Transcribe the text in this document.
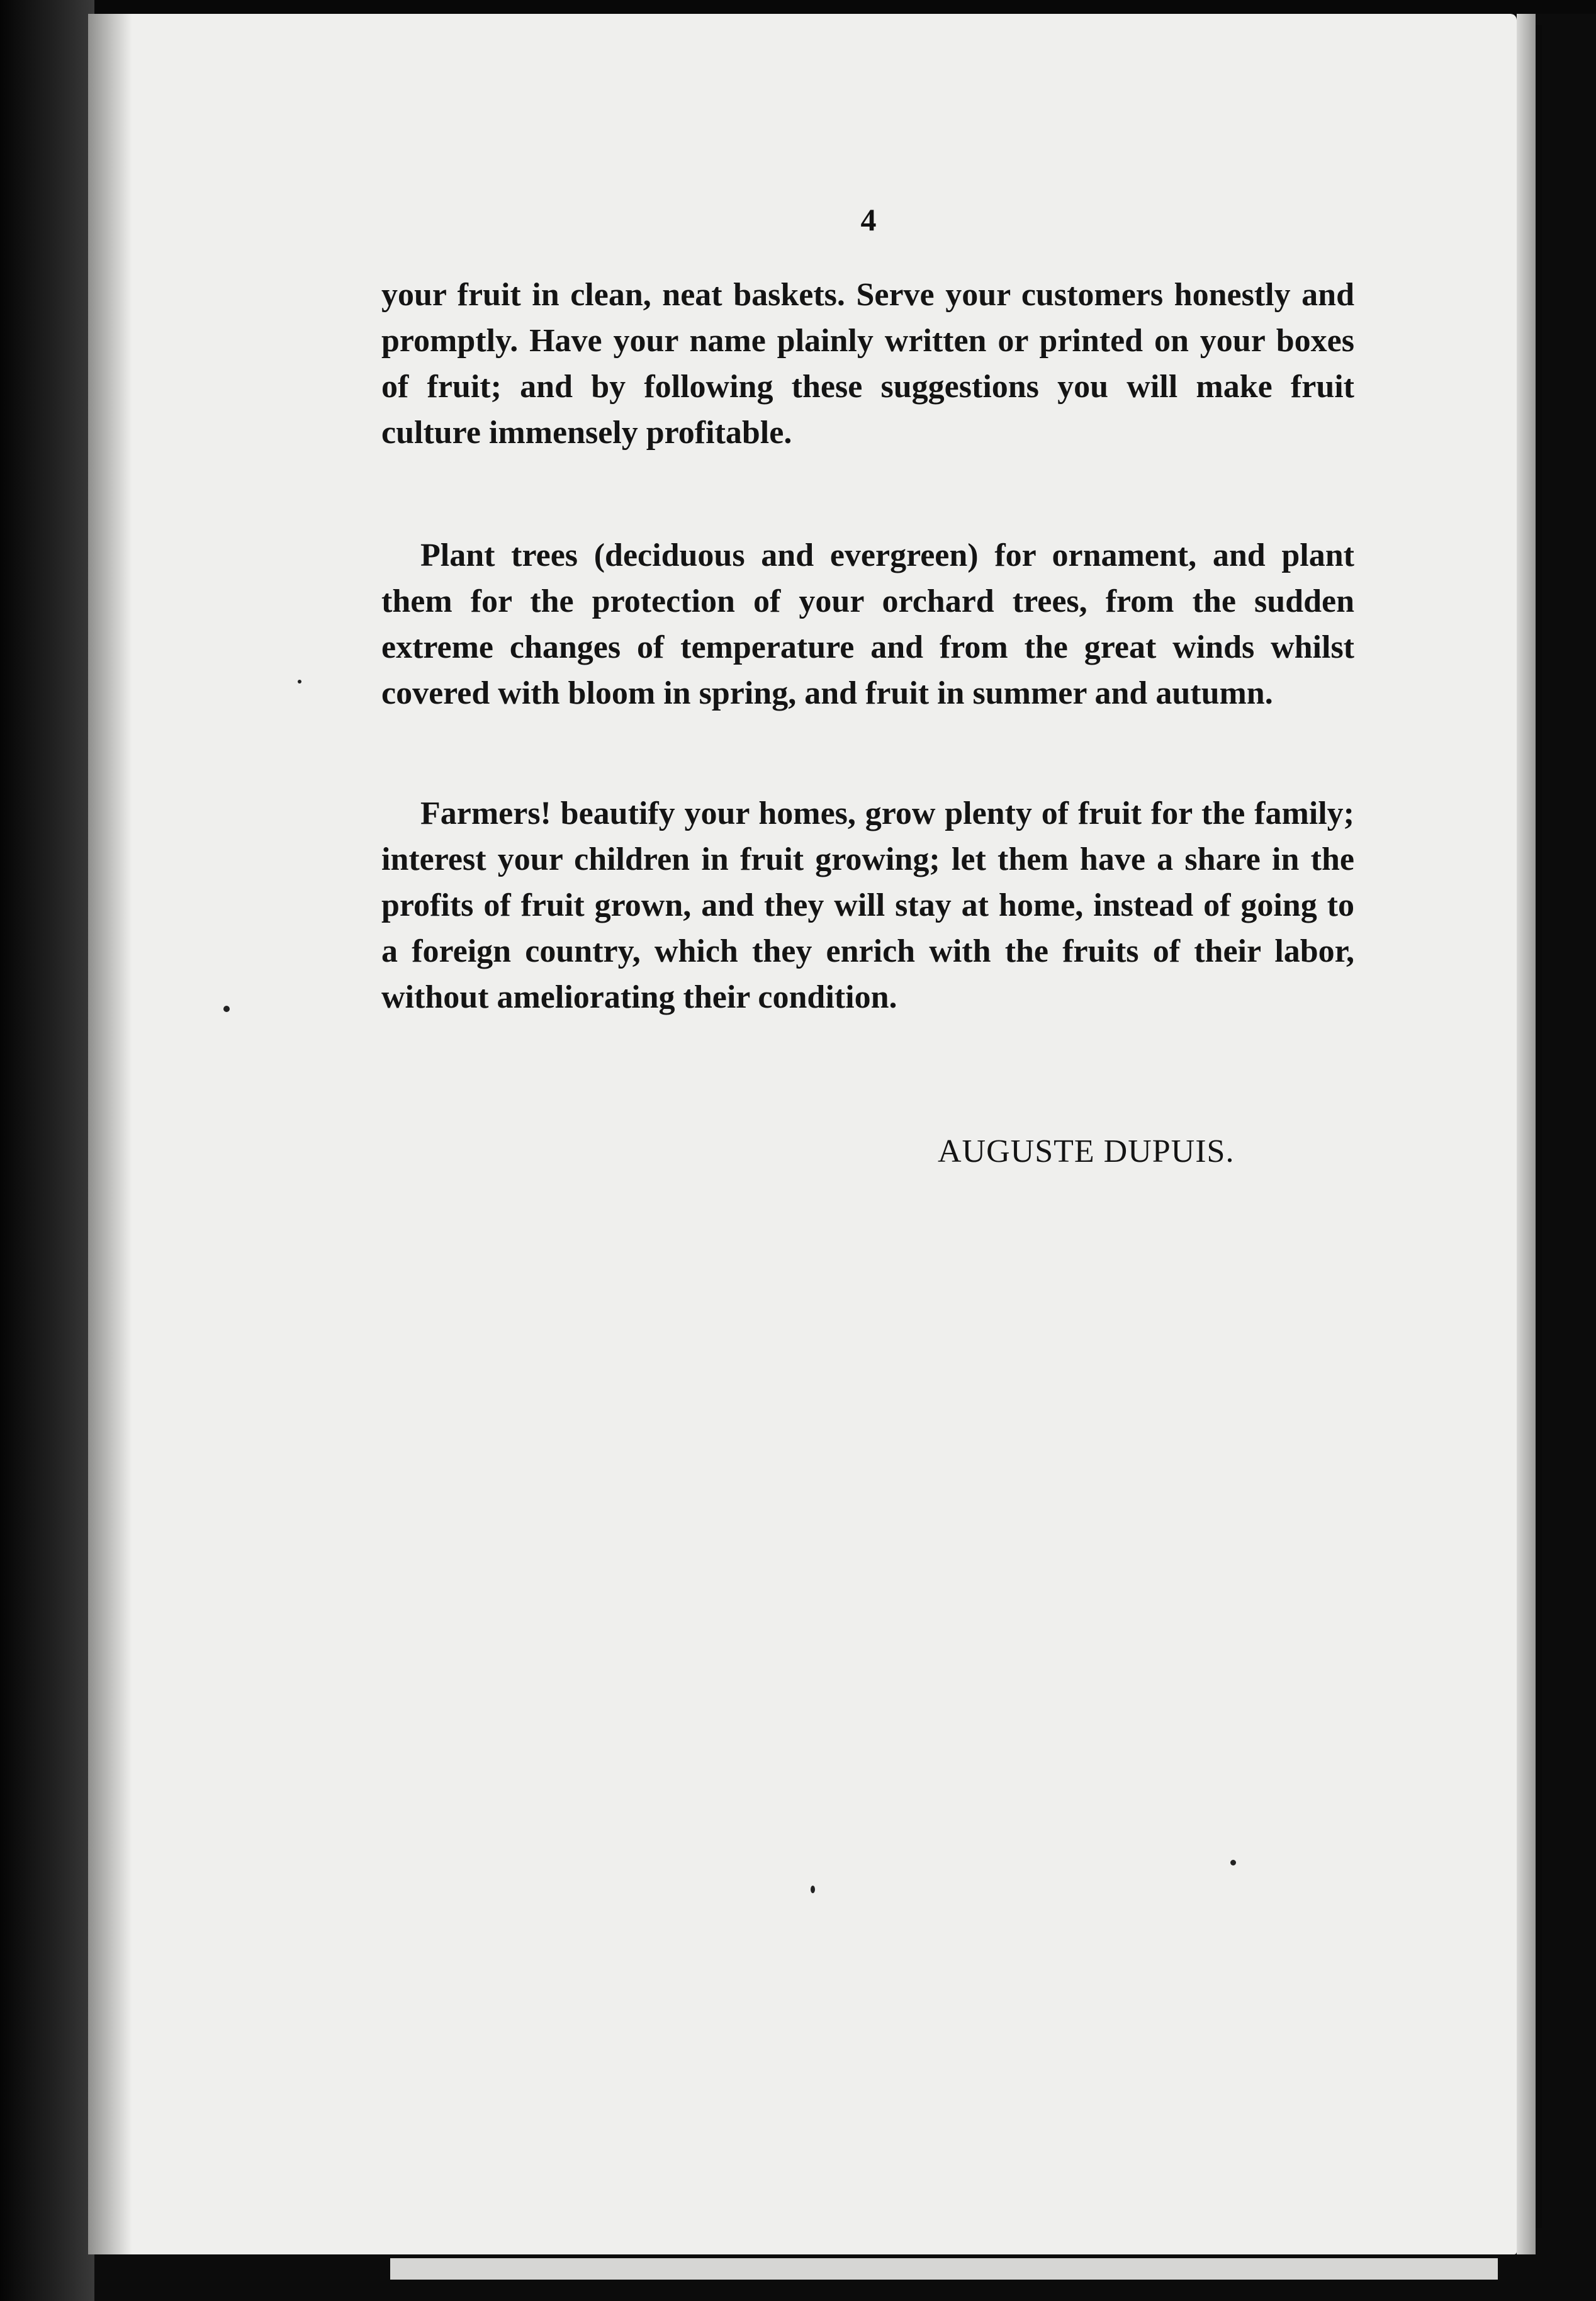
4

your fruit in clean, neat baskets. Serve your customers honestly and promptly. Have your name plainly written or printed on your boxes of fruit; and by following these suggestions you will make fruit culture immensely profitable.

Plant trees (deciduous and evergreen) for ornament, and plant them for the protection of your orchard trees, from the sudden extreme changes of temperature and from the great winds whilst covered with bloom in spring, and fruit in summer and autumn.

Farmers! beautify your homes, grow plenty of fruit for the family; interest your children in fruit growing; let them have a share in the profits of fruit grown, and they will stay at home, instead of going to a foreign country, which they enrich with the fruits of their labor, without ameliorating their condition.

AUGUSTE DUPUIS.
